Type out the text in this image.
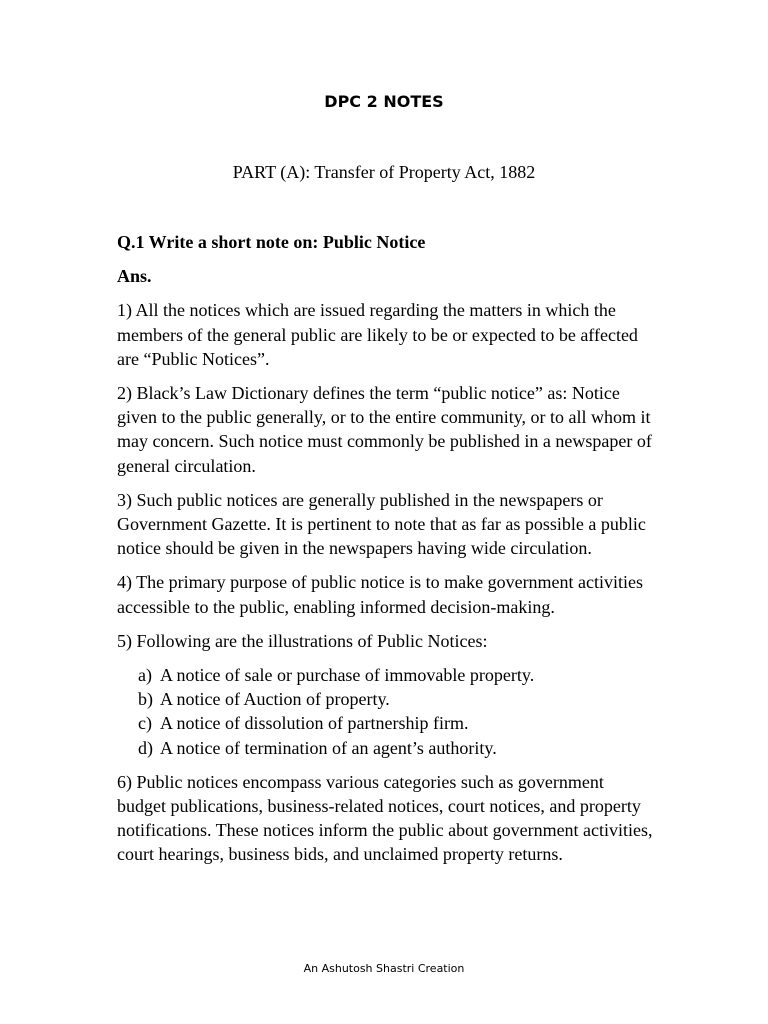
DPC 2 NOTES
PART (A): Transfer of Property Act, 1882

Q.1 Write a short note on: Public Notice

Ans.

1) All the notices which are issued regarding the matters in which the members of the general public are likely to be or expected to be affected are “Public Notices”.

2) Black’s Law Dictionary defines the term “public notice” as: Notice given to the public generally, or to the entire community, or to all whom it may concern. Such notice must commonly be published in a newspaper of general circulation.

3) Such public notices are generally published in the newspapers or Government Gazette. It is pertinent to note that as far as possible a public notice should be given in the newspapers having wide circulation.

4) The primary purpose of public notice is to make government activities accessible to the public, enabling informed decision-making.

5) Following are the illustrations of Public Notices:

a) A notice of sale or purchase of immovable property.
b) A notice of Auction of property.
c) A notice of dissolution of partnership firm.
d) A notice of termination of an agent’s authority.

6) Public notices encompass various categories such as government budget publications, business-related notices, court notices, and property notifications. These notices inform the public about government activities, court hearings, business bids, and unclaimed property returns.

An Ashutosh Shastri Creation
